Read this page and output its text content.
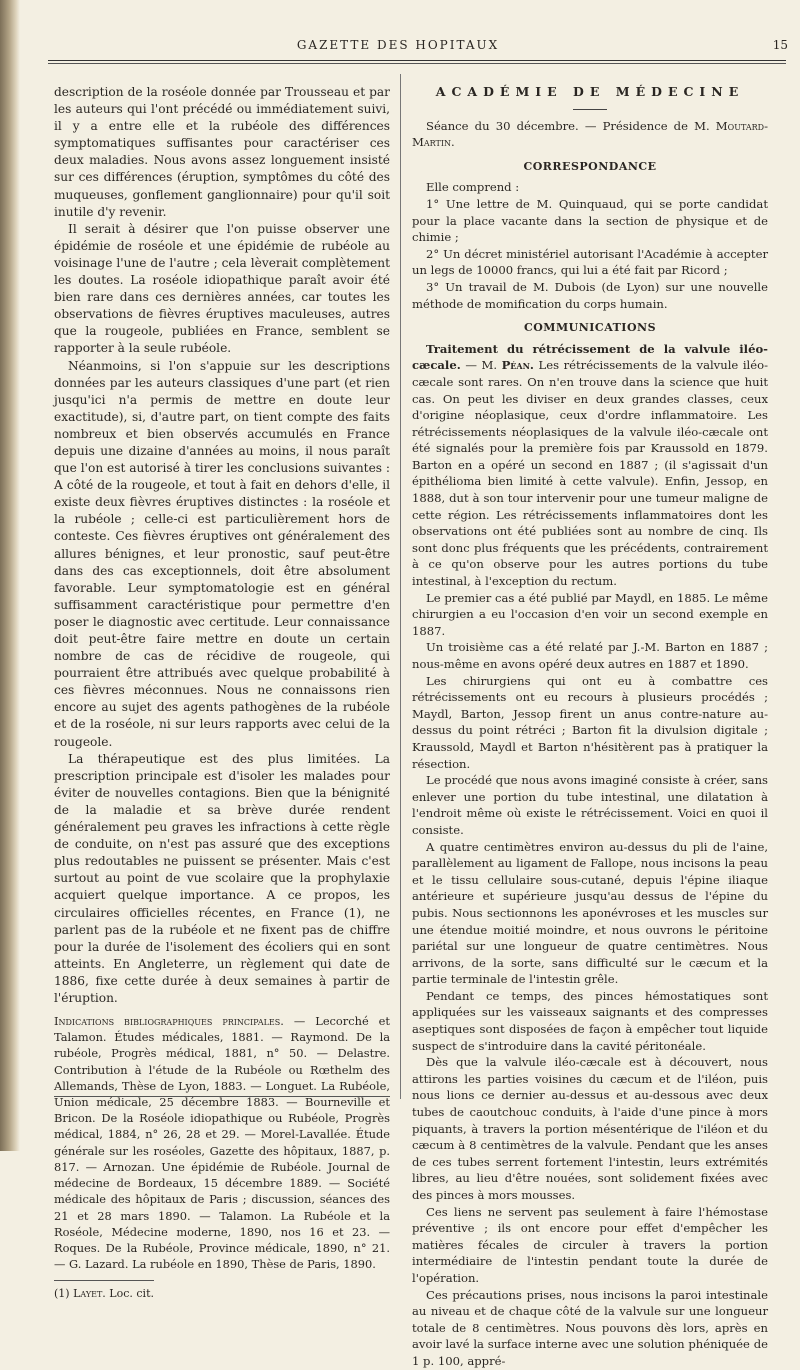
GAZETTE DES HOPITAUX	15

description de la roséole donnée par Trousseau et par les auteurs qui l'ont précédé ou immédiatement suivi, il y a entre elle et la rubéole des différences symptomatiques suffisantes pour caractériser ces deux maladies. Nous avons assez longuement insisté sur ces différences (éruption, symptômes du côté des muqueuses, gonflement ganglionnaire) pour qu'il soit inutile d'y revenir.

Il serait à désirer que l'on puisse observer une épidémie de roséole et une épidémie de rubéole au voisinage l'une de l'autre ; cela lèverait complètement les doutes. La roséole idiopathique paraît avoir été bien rare dans ces dernières années, car toutes les observations de fièvres éruptives maculeuses, autres que la rougeole, publiées en France, semblent se rapporter à la seule rubéole.

Néanmoins, si l'on s'appuie sur les descriptions données par les auteurs classiques d'une part (et rien jusqu'ici n'a permis de mettre en doute leur exactitude), si, d'autre part, on tient compte des faits nombreux et bien observés accumulés en France depuis une dizaine d'années au moins, il nous paraît que l'on est autorisé à tirer les conclusions suivantes : A côté de la rougeole, et tout à fait en dehors d'elle, il existe deux fièvres éruptives distinctes : la roséole et la rubéole ; celle-ci est particulièrement hors de conteste. Ces fièvres éruptives ont généralement des allures bénignes, et leur pronostic, sauf peut-être dans des cas exceptionnels, doit être absolument favorable. Leur symptomatologie est en général suffisamment caractéristique pour permettre d'en poser le diagnostic avec certitude. Leur connaissance doit peut-être faire mettre en doute un certain nombre de cas de récidive de rougeole, qui pourraient être attribués avec quelque probabilité à ces fièvres méconnues. Nous ne connaissons rien encore au sujet des agents pathogènes de la rubéole et de la roséole, ni sur leurs rapports avec celui de la rougeole.

La thérapeutique est des plus limitées. La prescription principale est d'isoler les malades pour éviter de nouvelles contagions. Bien que la bénignité de la maladie et sa brève durée rendent généralement peu graves les infractions à cette règle de conduite, on n'est pas assuré que des exceptions plus redoutables ne puissent se présenter. Mais c'est surtout au point de vue scolaire que la prophylaxie acquiert quelque importance. A ce propos, les circulaires officielles récentes, en France (1), ne parlent pas de la rubéole et ne fixent pas de chiffre pour la durée de l'isolement des écoliers qui en sont atteints. En Angleterre, un règlement qui date de 1886, fixe cette durée à deux semaines à partir de l'éruption.

Indications bibliographiques principales. — Lecorché et Talamon. Études médicales, 1881. — Raymond. De la rubéole, Progrès médical, 1881, n° 50. — Delastre. Contribution à l'étude de la Rubéole ou Rœthelm des Allemands, Thèse de Lyon, 1883. — Longuet. La Rubéole, Union médicale, 25 décembre 1883. — Bourneville et Bricon. De la Roséole idiopathique ou Rubéole, Progrès médical, 1884, n° 26, 28 et 29. — Morel-Lavallée. Étude générale sur les roséoles, Gazette des hôpitaux, 1887, p. 817. — Arnozan. Une épidémie de Rubéole. Journal de médecine de Bordeaux, 15 décembre 1889. — Société médicale des hôpitaux de Paris ; discussion, séances des 21 et 28 mars 1890. — Talamon. La Rubéole et la Roséole, Médecine moderne, 1890, nos 16 et 23. — Roques. De la Rubéole, Province médicale, 1890, n° 21. — G. Lazard. La rubéole en 1890, Thèse de Paris, 1890.

(1) Layet. Loc. cit.

ACADÉMIE DE MÉDECINE

Séance du 30 décembre. — Présidence de M. Moutard-Martin.

CORRESPONDANCE

Elle comprend :

1° Une lettre de M. Quinquaud, qui se porte candidat pour la place vacante dans la section de physique et de chimie ;

2° Un décret ministériel autorisant l'Académie à accepter un legs de 10000 francs, qui lui a été fait par Ricord ;

3° Un travail de M. Dubois (de Lyon) sur une nouvelle méthode de momification du corps humain.

COMMUNICATIONS

Traitement du rétrécissement de la valvule iléo-cæcale. — M. Péan. Les rétrécissements de la valvule iléo-cæcale sont rares. On n'en trouve dans la science que huit cas. On peut les diviser en deux grandes classes, ceux d'origine néoplasique, ceux d'ordre inflammatoire. Les rétrécissements néoplasiques de la valvule iléo-cæcale ont été signalés pour la première fois par Kraussold en 1879. Barton en a opéré un second en 1887 ; (il s'agissait d'un épithélioma bien limité à cette valvule). Enfin, Jessop, en 1888, dut à son tour intervenir pour une tumeur maligne de cette région. Les rétrécissements inflammatoires dont les observations ont été publiées sont au nombre de cinq. Ils sont donc plus fréquents que les précédents, contrairement à ce qu'on observe pour les autres portions du tube intestinal, à l'exception du rectum.

Le premier cas a été publié par Maydl, en 1885. Le même chirurgien a eu l'occasion d'en voir un second exemple en 1887.

Un troisième cas a été relaté par J.-M. Barton en 1887 ; nous-même en avons opéré deux autres en 1887 et 1890.

Les chirurgiens qui ont eu à combattre ces rétrécissements ont eu recours à plusieurs procédés ; Maydl, Barton, Jessop firent un anus contre-nature au-dessus du point rétréci ; Barton fit la divulsion digitale ; Kraussold, Maydl et Barton n'hésitèrent pas à pratiquer la résection.

Le procédé que nous avons imaginé consiste à créer, sans enlever une portion du tube intestinal, une dilatation à l'endroit même où existe le rétrécissement. Voici en quoi il consiste.

A quatre centimètres environ au-dessus du pli de l'aine, parallèlement au ligament de Fallope, nous incisons la peau et le tissu cellulaire sous-cutané, depuis l'épine iliaque antérieure et supérieure jusqu'au dessus de l'épine du pubis. Nous sectionnons les aponévroses et les muscles sur une étendue moitié moindre, et nous ouvrons le péritoine pariétal sur une longueur de quatre centimètres. Nous arrivons, de la sorte, sans difficulté sur le cæcum et la partie terminale de l'intestin grêle.

Pendant ce temps, des pinces hémostatiques sont appliquées sur les vaisseaux saignants et des compresses aseptiques sont disposées de façon à empêcher tout liquide suspect de s'introduire dans la cavité péritonéale.

Dès que la valvule iléo-cæcale est à découvert, nous attirons les parties voisines du cæcum et de l'iléon, puis nous lions ce dernier au-dessus et au-dessous avec deux tubes de caoutchouc conduits, à l'aide d'une pince à mors piquants, à travers la portion mésentérique de l'iléon et du cæcum à 8 centimètres de la valvule. Pendant que les anses de ces tubes serrent fortement l'intestin, leurs extrémités libres, au lieu d'être nouées, sont solidement fixées avec des pinces à mors mousses.

Ces liens ne servent pas seulement à faire l'hémostase préventive ; ils ont encore pour effet d'empêcher les matières fécales de circuler à travers la portion intermédiaire de l'intestin pendant toute la durée de l'opération.

Ces précautions prises, nous incisons la paroi intestinale au niveau et de chaque côté de la valvule sur une longueur totale de 8 centimètres. Nous pouvons dès lors, après en avoir lavé la surface interne avec une solution phéniquée de 1 p. 100, appré-
